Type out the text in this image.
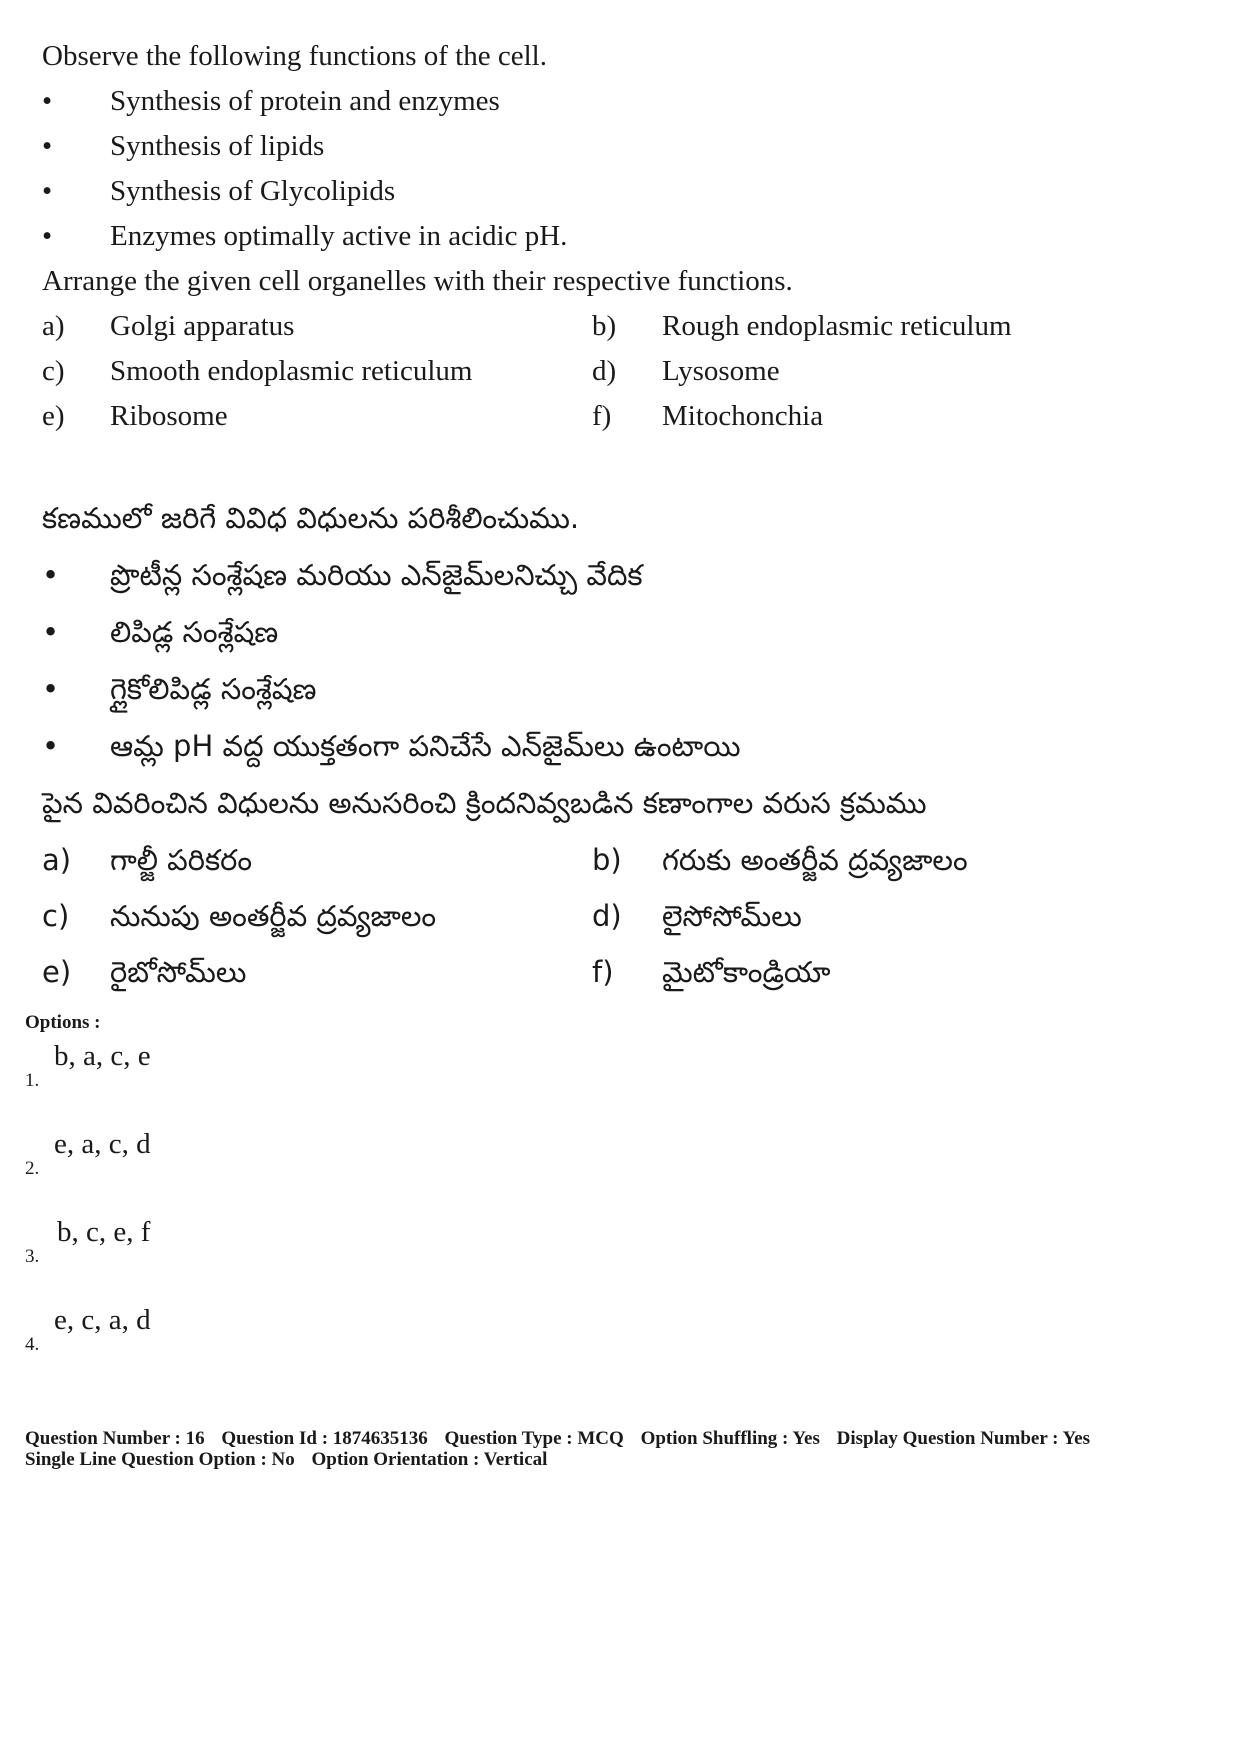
Observe the following functions of the cell.
•	Synthesis of protein and enzymes
•	Synthesis of lipids
•	Synthesis of Glycolipids
•	Enzymes optimally active in acidic pH.
Arrange the given cell organelles with their respective functions.
a) Golgi apparatus	b) Rough endoplasmic reticulum
c) Smooth endoplasmic reticulum	d) Lysosome
e) Ribosome	f) Mitochonchia
కణములో జరిగే వివిధ విధులను పరిశీలించుము.
• ప్రొటీన్ల సంశ్లేషణ మరియు ఎన్‌జైమ్‌లనిచ్చు వేదిక
• లిపిడ్ల సంశ్లేషణ
• గ్లైకోలిపిడ్ల సంశ్లేషణ
• ఆమ్ల pH వద్ద యుక్తతంగా పనిచేసే ఎన్‌జైమ్‌లు ఉంటాయి
పైన వివరించిన విధులను అనుసరించి క్రిందనివ్వబడిన కణాంగాల వరుస క్రమము
a) గాల్జీ పరికరం	b) గరుకు అంతర్జీవ ద్రవ్యజాలం
c) నునుపు అంతర్జీవ ద్రవ్యజాలం	d) లైసోసోమ్‌లు
e) రైబోసోమ్‌లు	f) మైటోకాండ్రియా
Options :
1.
b, a, c, e
2.
e, a, c, d
3.
b, c, e, f
4.
e, c, a, d
Question Number : 16 Question Id : 1874635136 Question Type : MCQ Option Shuffling : Yes Display Question Number : Yes
Single Line Question Option : No Option Orientation : Vertical
